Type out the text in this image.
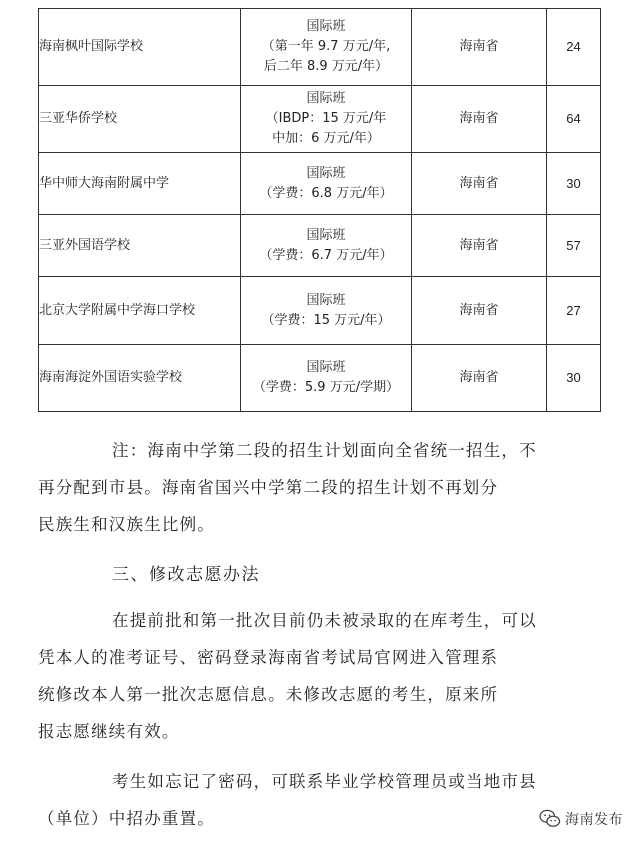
海南枫叶国际学校	国际班
（第一年 9.7 万元/年,
后二年 8.9 万元/年）	海南省	24
三亚华侨学校	国际班
（IBDP：15 万元/年
中加：6 万元/年）	海南省	64
华中师大海南附属中学	国际班
（学费：6.8 万元/年）	海南省	30
三亚外国语学校	国际班
（学费：6.7 万元/年）	海南省	57
北京大学附属中学海口学校	国际班
（学费：15 万元/年）	海南省	27
海南海淀外国语实验学校	国际班
（学费：5.9 万元/学期）	海南省	30
注：海南中学第二段的招生计划面向全省统一招生，不
再分配到市县。海南省国兴中学第二段的招生计划不再划分
民族生和汉族生比例。
三、修改志愿办法
在提前批和第一批次目前仍未被录取的在库考生，可以
凭本人的准考证号、密码登录海南省考试局官网进入管理系
统修改本人第一批次志愿信息。未修改志愿的考生，原来所
报志愿继续有效。
考生如忘记了密码，可联系毕业学校管理员或当地市县
（单位）中招办重置。	海南发布
